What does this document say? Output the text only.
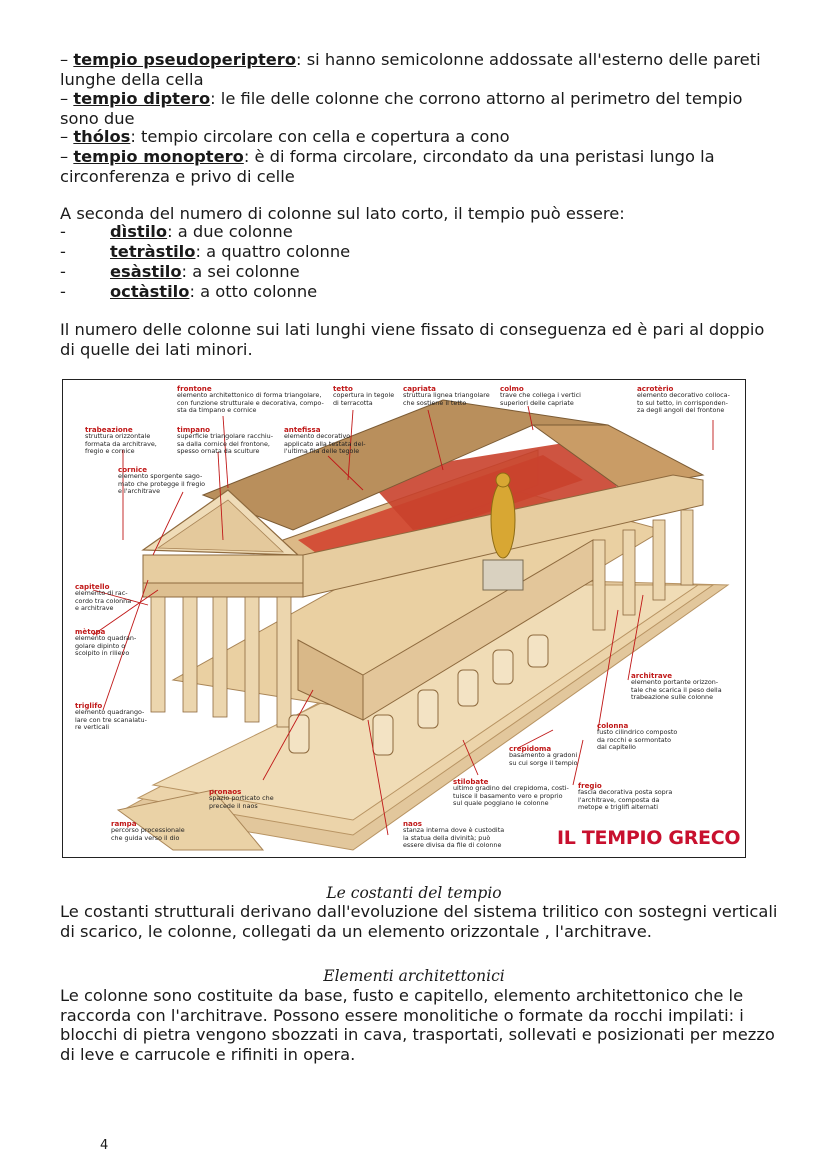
– tempio pseudoperiptero: si hanno semicolonne addossate all'esterno delle pareti lunghe della cella

– tempio diptero: le file delle colonne che corrono attorno al perimetro del tempio sono due

– thólos: tempio circolare con cella e copertura a cono

– tempio monoptero: è di forma circolare, circondato da una peristasi lungo la circonferenza e privo di celle

A seconda del numero di colonne sul lato corto, il tempio può essere:

-	dìstilo: a due colonne
-	tetràstilo: a quattro colonne
-	esàstilo: a sei colonne
-	octàstilo: a otto colonne

Il numero delle colonne sui lati lunghi viene fissato di conseguenza ed è pari al doppio di quelle dei lati minori.

frontone
elemento architettonico di forma triangolare,
con funzione strutturale e decorativa, compo-
sta da timpano e cornice
tetto
copertura in tegole
di terracotta
capriata
struttura lignea triangolare
che sostiene il tetto
colmo
trave che collega i vertici
superiori delle capriate
acrotèrio
elemento decorativo colloca-
to sul tetto, in corrisponden-
za degli angoli del frontone
trabeazione
struttura orizzontale
formata da architrave,
fregio e cornice
timpano
superficie triangolare racchiu-
sa dalla cornice del frontone,
spesso ornata da sculture
antefissa
elemento decorativo
applicato alla testata del-
l'ultima fila delle tegole
cornice
elemento sporgente sago-
mato che protegge il fregio
e l'architrave
capitello
elemento di rac-
cordo tra colonna
e architrave
mètopa
elemento quadran-
golare dipinto o
scolpito in rilievo
triglifo
elemento quadrango-
lare con tre scanalatu-
re verticali
architrave
elemento portante orizzon-
tale che scarica il peso della
trabeazione sulle colonne
colonna
fusto cilindrico composto
da rocchi e sormontato
dal capitello
crepidoma
basamento a gradoni
su cui sorge il tempio
stilobate
ultimo gradino del crepidoma, costi-
tuisce il basamento vero e proprio
sul quale poggiano le colonne
fregio
fascia decorativa posta sopra
l'architrave, composta da
metope e triglifi alternati
pronaos
spazio porticato che
precede il naos
naos
stanza interna dove è custodita
la statua della divinità; può
essere divisa da file di colonne
rampa
percorso processionale
che guida verso il dio	IL TEMPIO GRECO
Le costanti del tempio

Le costanti strutturali derivano dall'evoluzione del sistema trilitico con sostegni verticali di scarico, le colonne, collegati da un elemento orizzontale , l'architrave.

Elementi architettonici

Le colonne sono costituite da base, fusto e capitello, elemento architettonico che le raccorda con l'architrave. Possono essere monolitiche o formate da rocchi impilati: i blocchi di pietra vengono sbozzati in cava, trasportati, sollevati e posizionati per mezzo di leve e carrucole e rifiniti in opera.

4
